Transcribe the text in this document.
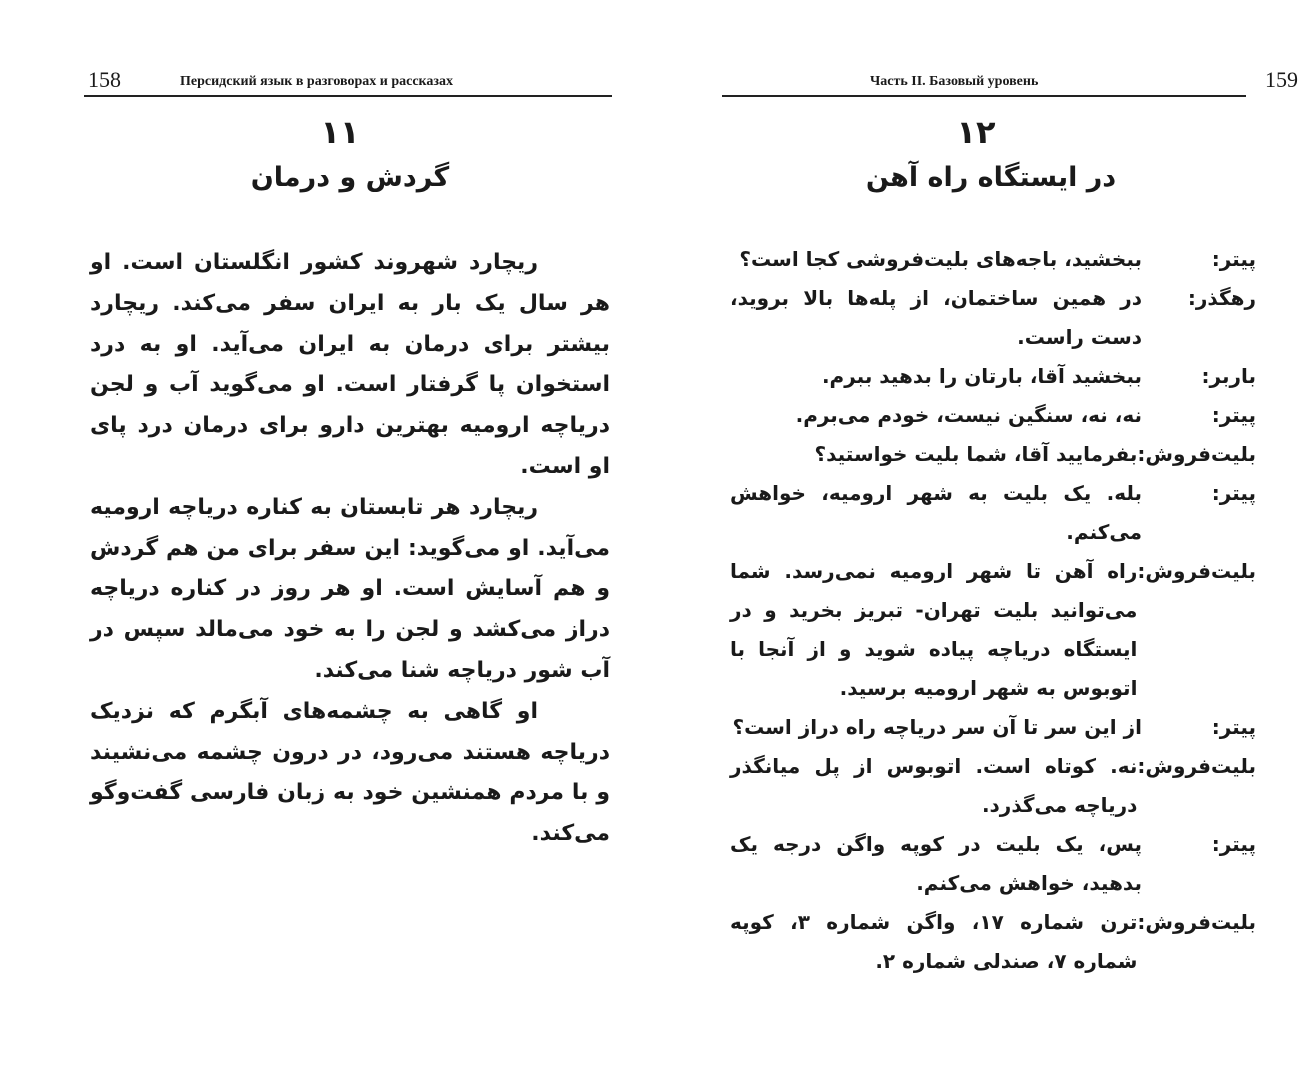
158	Персидский язык в разговорах и рассказах
۱۱
گردش و درمان

ریچارد شهروند کشور انگلستان است. او هر سال یک بار به ایران سفر می‌کند. ریچارد بیشتر برای درمان به ایران می‌آید. او به درد استخوان پا گرفتار است. او می‌گوید آب و لجن دریاچه ارومیه بهترین دارو برای درمان درد پای او است.

ریچارد هر تابستان به کناره دریاچه ارومیه می‌آید. او می‌گوید: این سفر برای من هم گردش و هم آسایش است. او هر روز در کناره دریاچه دراز می‌کشد و لجن را به خود می‌مالد سپس در آب شور دریاچه شنا می‌کند.

او گاهی به چشمه‌های آبگرم که نزدیک دریاچه هستند می‌رود، در درون چشمه می‌نشیند و با مردم همنشین خود به زبان فارسی گفت‌وگو می‌کند.

Часть II. Базовый уровень	159
۱۲
در ایستگاه راه آهن
پیتر:
ببخشید، باجه‌های بلیت‌فروشی کجا است؟
رهگذر:
در همین ساختمان، از پله‌ها بالا بروید، دست راست.
باربر:
ببخشید آقا، بارتان را بدهید ببرم.
پیتر:
نه، نه، سنگین نیست، خودم می‌برم.
بلیت‌فروش:
بفرمایید آقا، شما بلیت خواستید؟
پیتر:
بله. یک بلیت به شهر ارومیه، خواهش می‌کنم.
بلیت‌فروش:
راه آهن تا شهر ارومیه نمی‌رسد. شما می‌توانید بلیت تهران- تبریز بخرید و در ایستگاه دریاچه پیاده شوید و از آنجا با اتوبوس به شهر ارومیه برسید.
پیتر:
از این سر تا آن سر دریاچه راه دراز است؟
بلیت‌فروش:
نه. کوتاه است. اتوبوس از پل میانگذر دریاچه می‌گذرد.
پیتر:
پس، یک بلیت در کوپه واگن درجه یک بدهید، خواهش می‌کنم.
بلیت‌فروش:
ترن شماره ۱۷، واگن شماره ۳، کوپه شماره ۷، صندلی شماره ۲.
